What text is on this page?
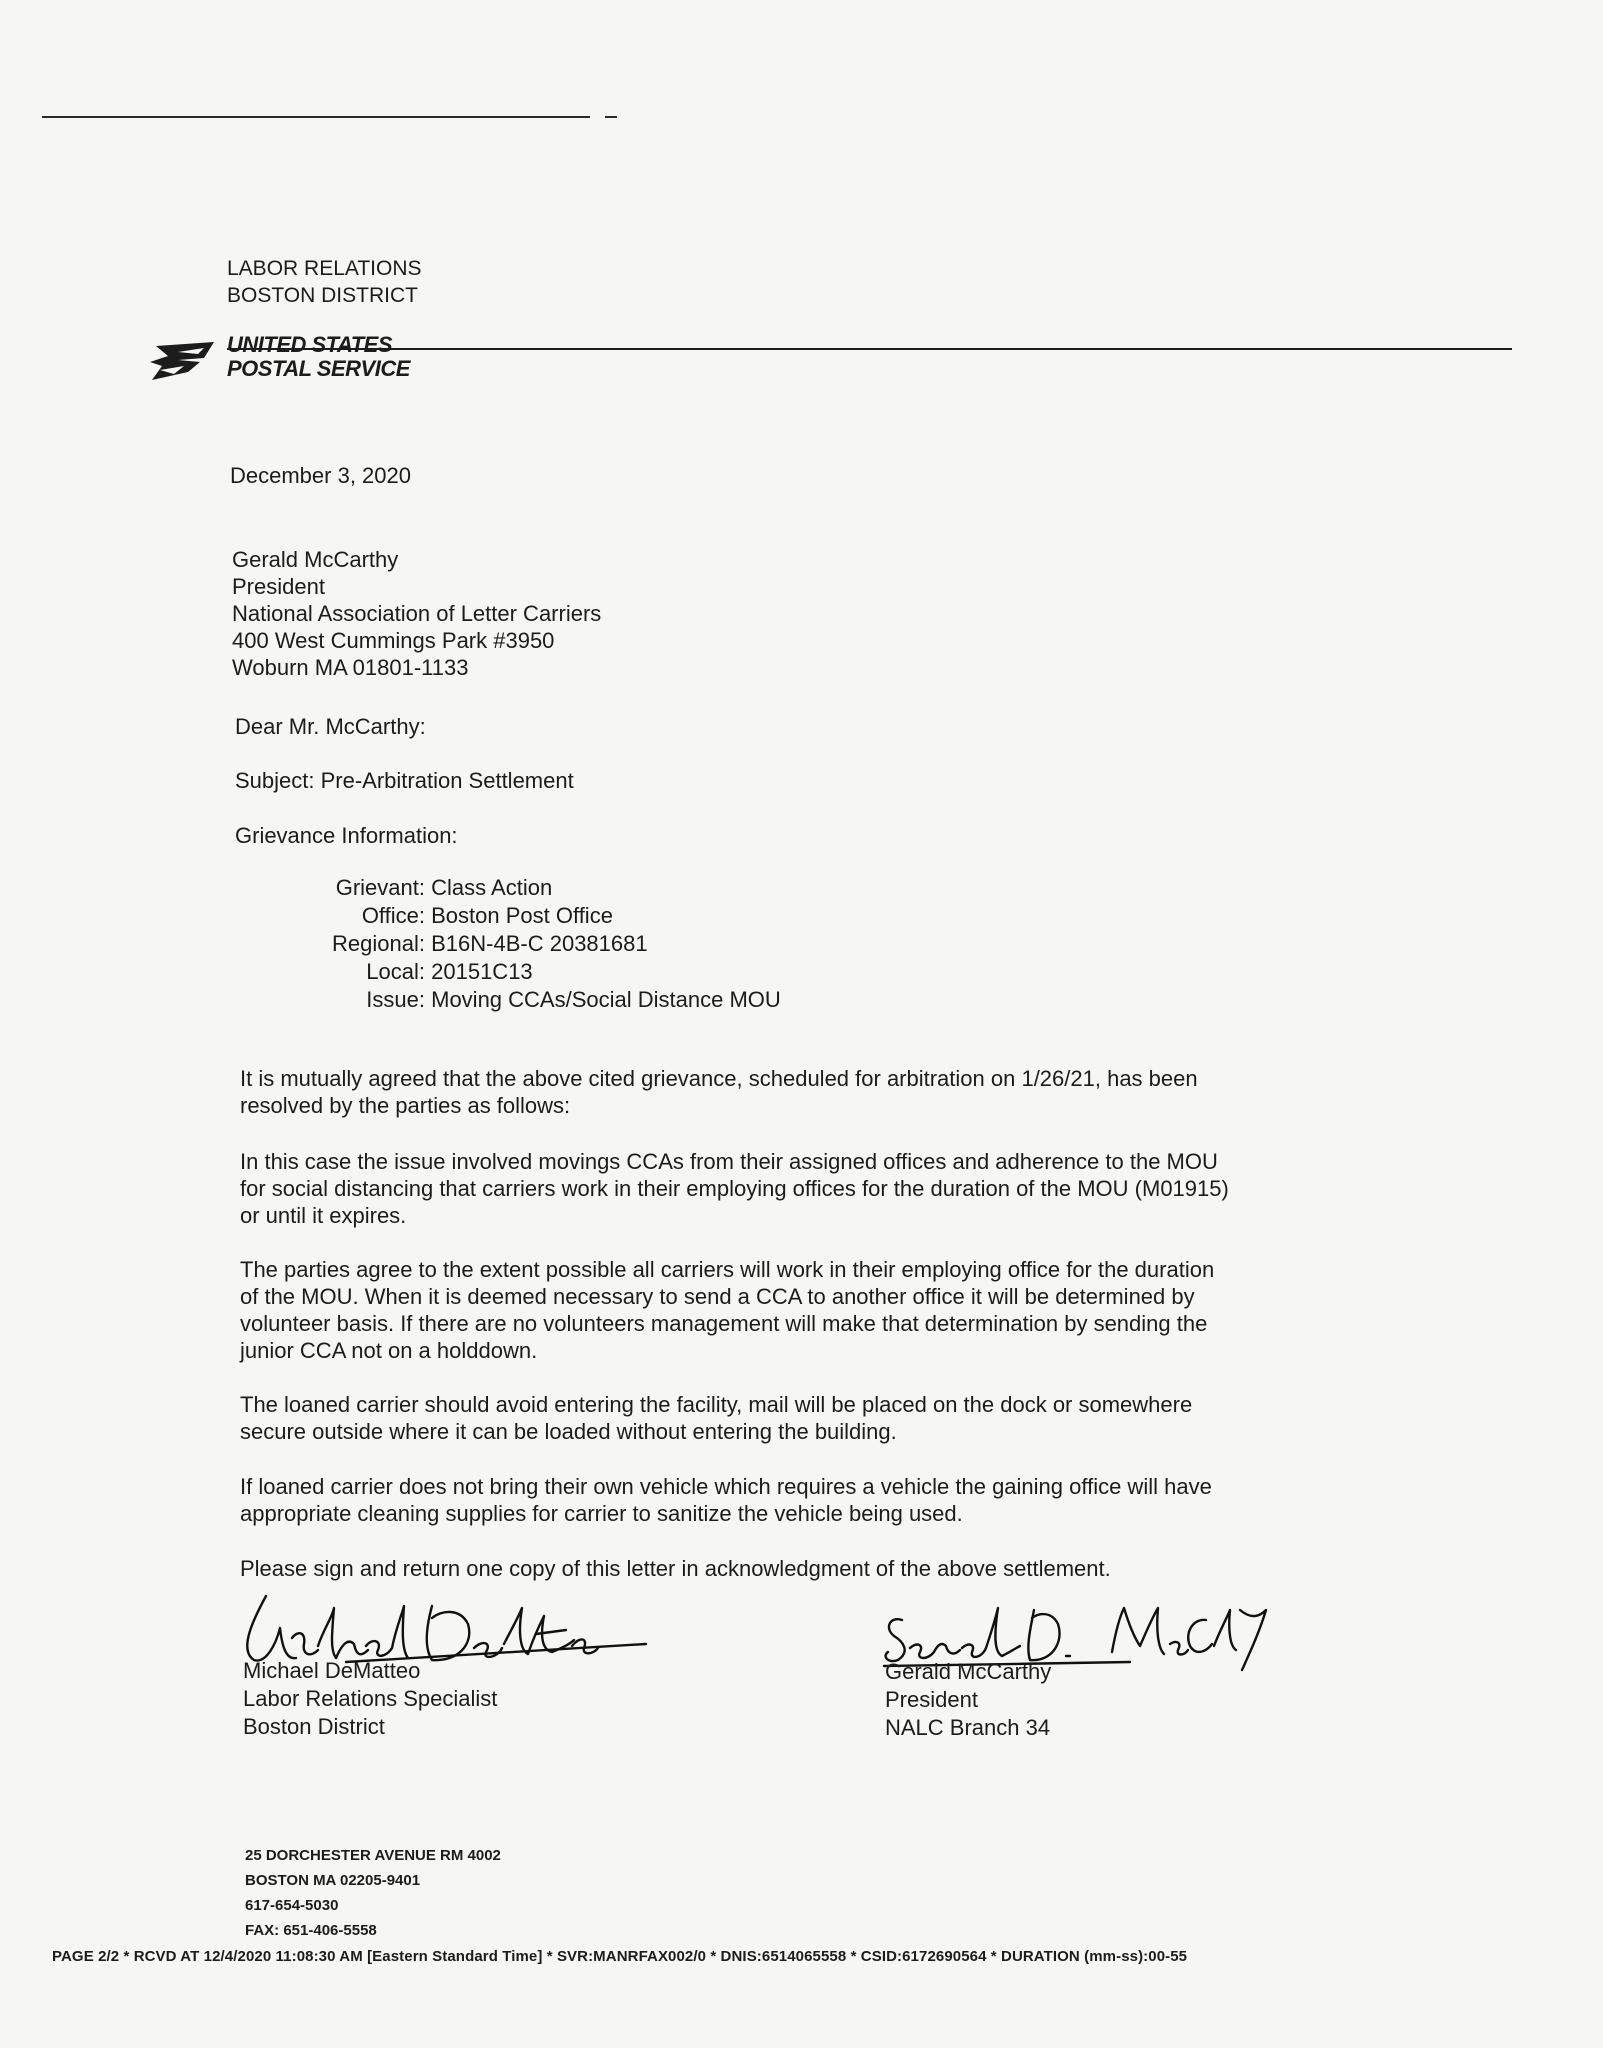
LABOR RELATIONS
BOSTON DISTRICT
UNITED STATES
POSTAL SERVICE
December 3, 2020
Gerald McCarthy
President
National Association of Letter Carriers
400 West Cummings Park #3950
Woburn MA 01801-1133
Dear Mr. McCarthy:
Subject: Pre-Arbitration Settlement
Grievance Information:
Grievant: Class Action
Office: Boston Post Office
Regional: B16N-4B-C 20381681
Local: 20151C13
Issue: Moving CCAs/Social Distance MOU
It is mutually agreed that the above cited grievance, scheduled for arbitration on 1/26/21, has been
resolved by the parties as follows:
In this case the issue involved movings CCAs from their assigned offices and adherence to the MOU
for social distancing that carriers work in their employing offices for the duration of the MOU (M01915)
or until it expires.
The parties agree to the extent possible all carriers will work in their employing office for the duration
of the MOU. When it is deemed necessary to send a CCA to another office it will be determined by
volunteer basis. If there are no volunteers management will make that determination by sending the
junior CCA not on a holddown.
The loaned carrier should avoid entering the facility, mail will be placed on the dock or somewhere
secure outside where it can be loaded without entering the building.
If loaned carrier does not bring their own vehicle which requires a vehicle the gaining office will have
appropriate cleaning supplies for carrier to sanitize the vehicle being used.
Please sign and return one copy of this letter in acknowledgment of the above settlement.
Michael DeMatteo
Labor Relations Specialist
Boston District
Gerald McCarthy
President
NALC Branch 34
25 DORCHESTER AVENUE RM 4002
BOSTON MA 02205-9401
617-654-5030
FAX: 651-406-5558
PAGE 2/2 * RCVD AT 12/4/2020 11:08:30 AM [Eastern Standard Time] * SVR:MANRFAX002/0 * DNIS:6514065558 * CSID:6172690564 * DURATION (mm-ss):00-55
